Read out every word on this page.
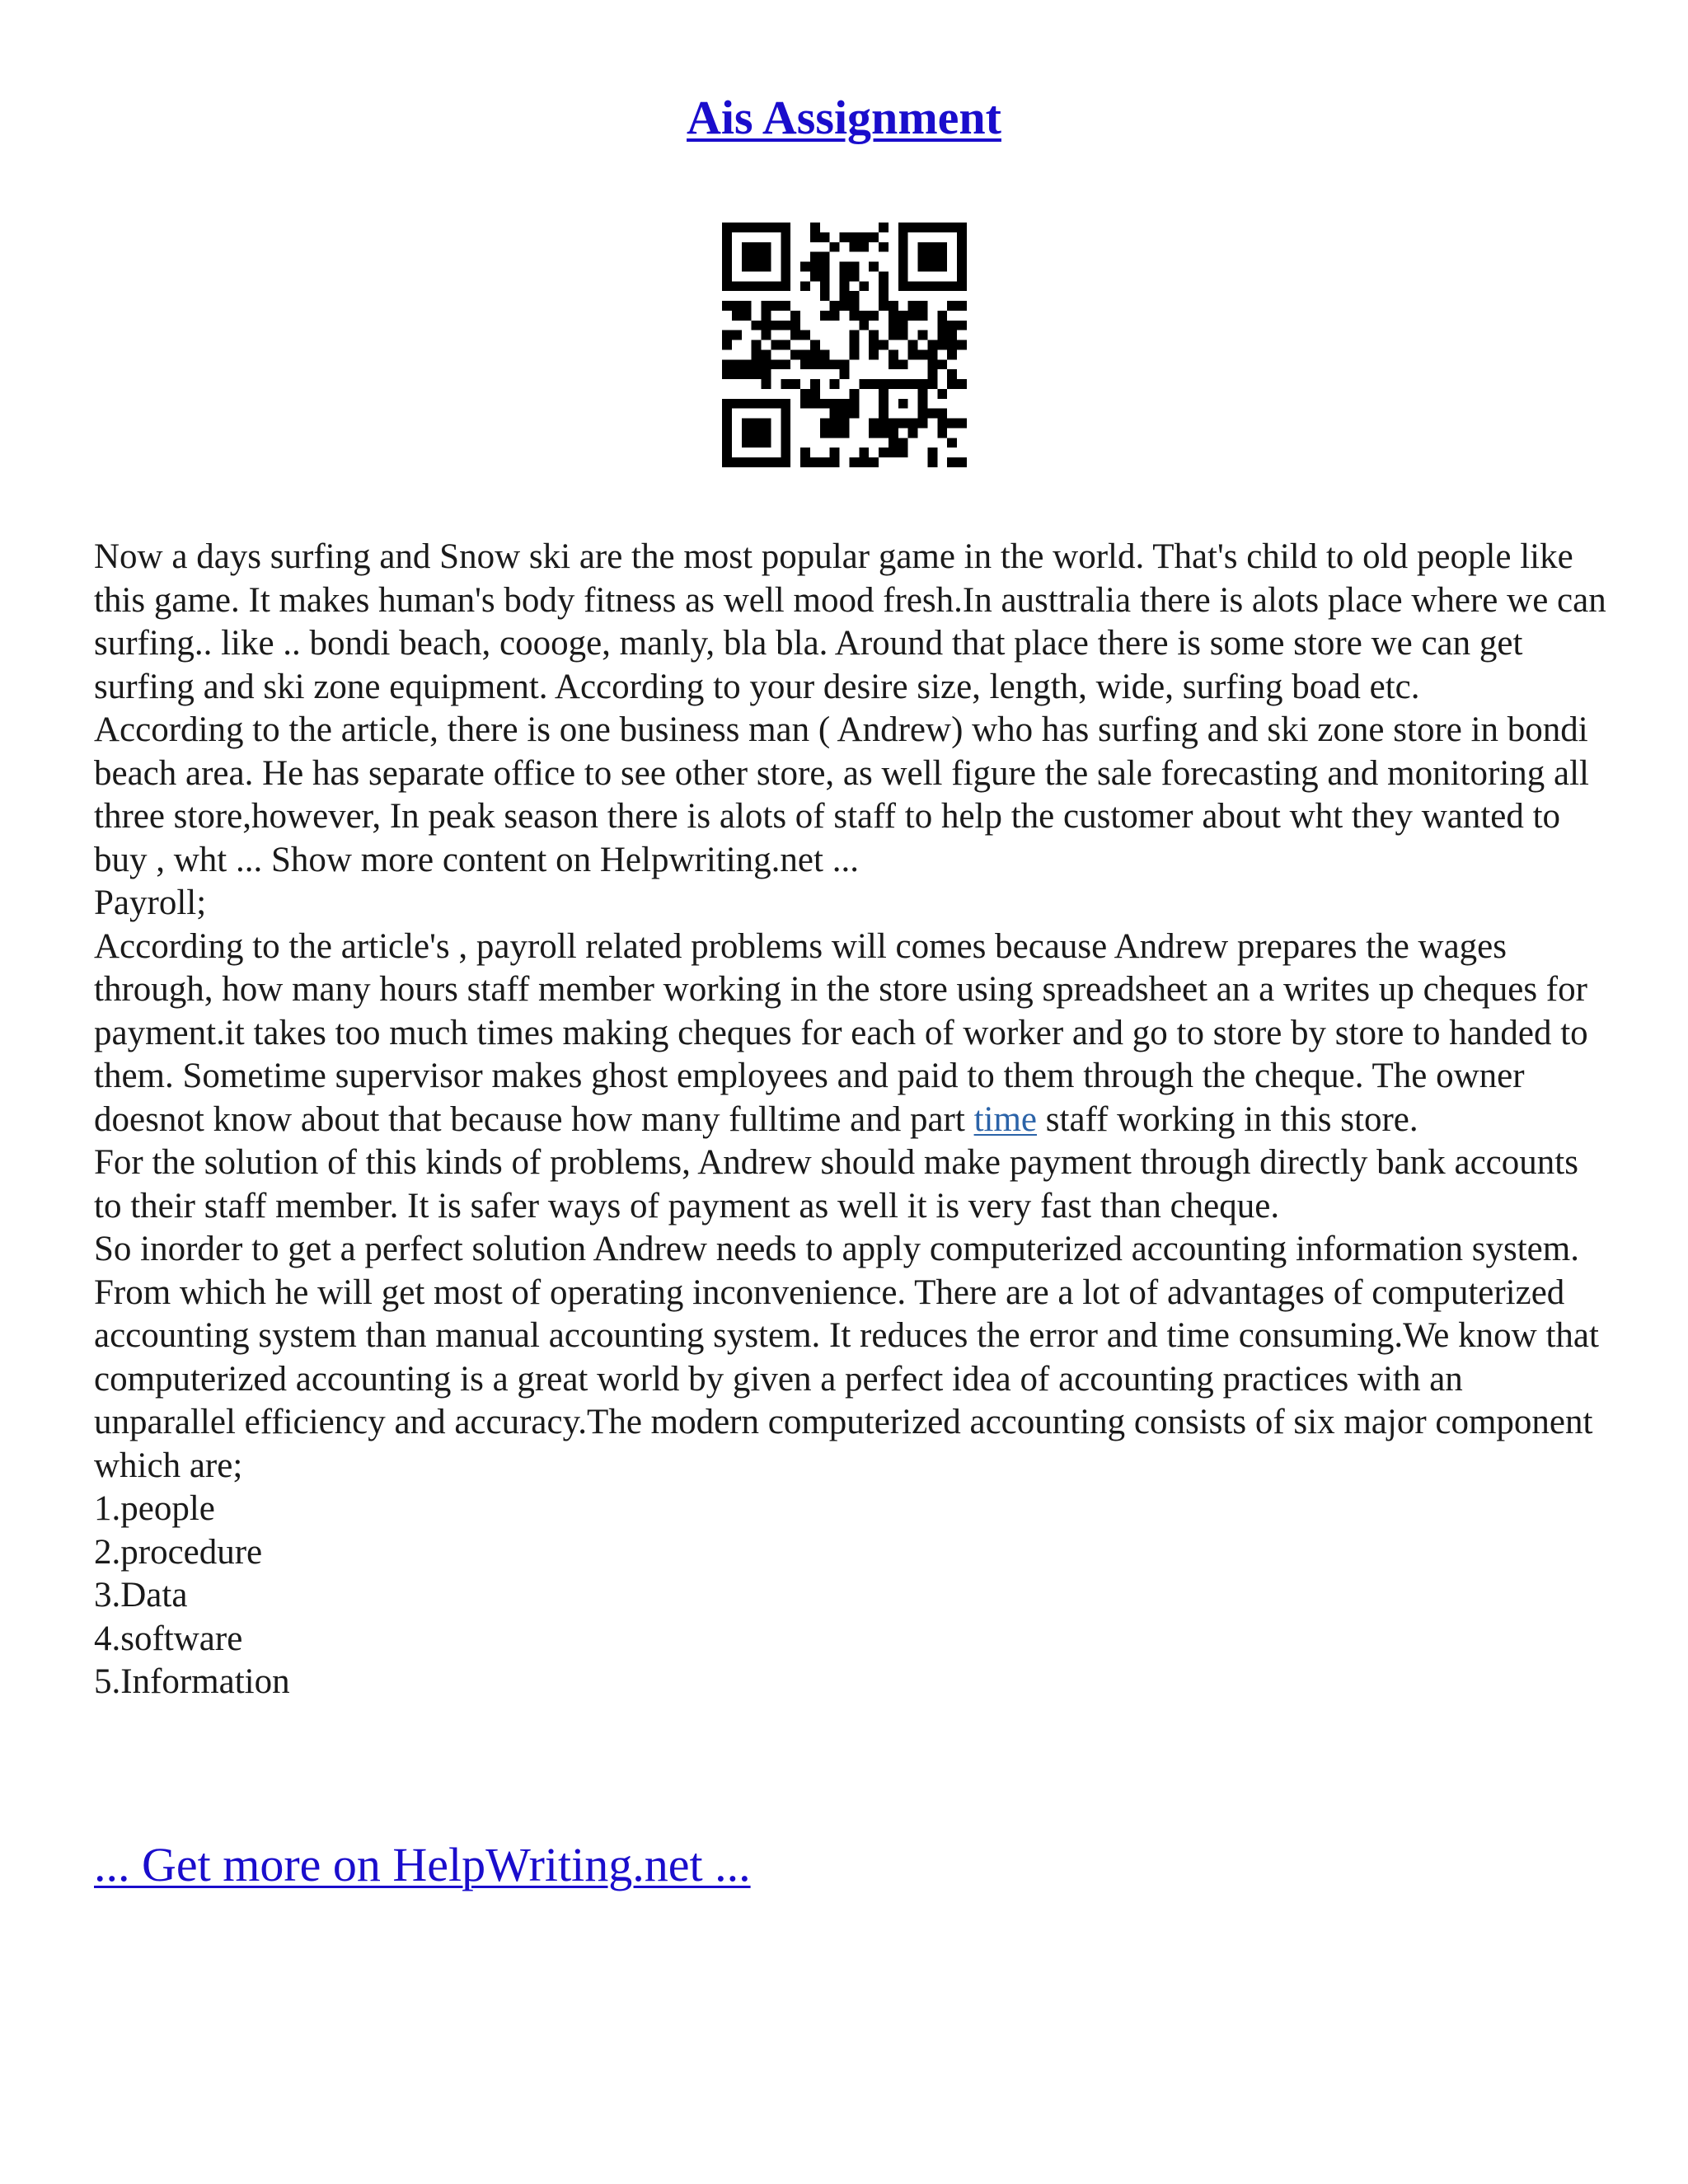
Ais Assignment

Now a days surfing and Snow ski are the most popular game in the world. That's child to old people like this game. It makes human's body fitness as well mood fresh.In austtralia there is alots place where we can surfing.. like .. bondi beach, coooge, manly, bla bla. Around that place there is some store we can get surfing and ski zone equipment. According to your desire size, length, wide, surfing boad etc.

According to the article, there is one business man ( Andrew) who has surfing and ski zone store in bondi beach area. He has separate office to see other store, as well figure the sale forecasting and monitoring all three store,however, In peak season there is alots of staff to help the customer about wht they wanted to buy , wht ... Show more content on Helpwriting.net ...

Payroll;

According to the article's , payroll related problems will comes because Andrew prepares the wages through, how many hours staff member working in the store using spreadsheet an a writes up cheques for payment.it takes too much times making cheques for each of worker and go to store by store to handed to them. Sometime supervisor makes ghost employees and paid to them through the cheque. The owner doesnot know about that because how many fulltime and part time staff working in this store.

For the solution of this kinds of problems, Andrew should make payment through directly bank accounts to their staff member. It is safer ways of payment as well it is very fast than cheque.

So inorder to get a perfect solution Andrew needs to apply computerized accounting information system. From which he will get most of operating inconvenience. There are a lot of advantages of computerized accounting system than manual accounting system. It reduces the error and time consuming.We know that computerized accounting is a great world by given a perfect idea of accounting practices with an unparallel efficiency and accuracy.The modern computerized accounting consists of six major component which are;

1.people
2.procedure
3.Data
4.software
5.Information

... Get more on HelpWriting.net ...
